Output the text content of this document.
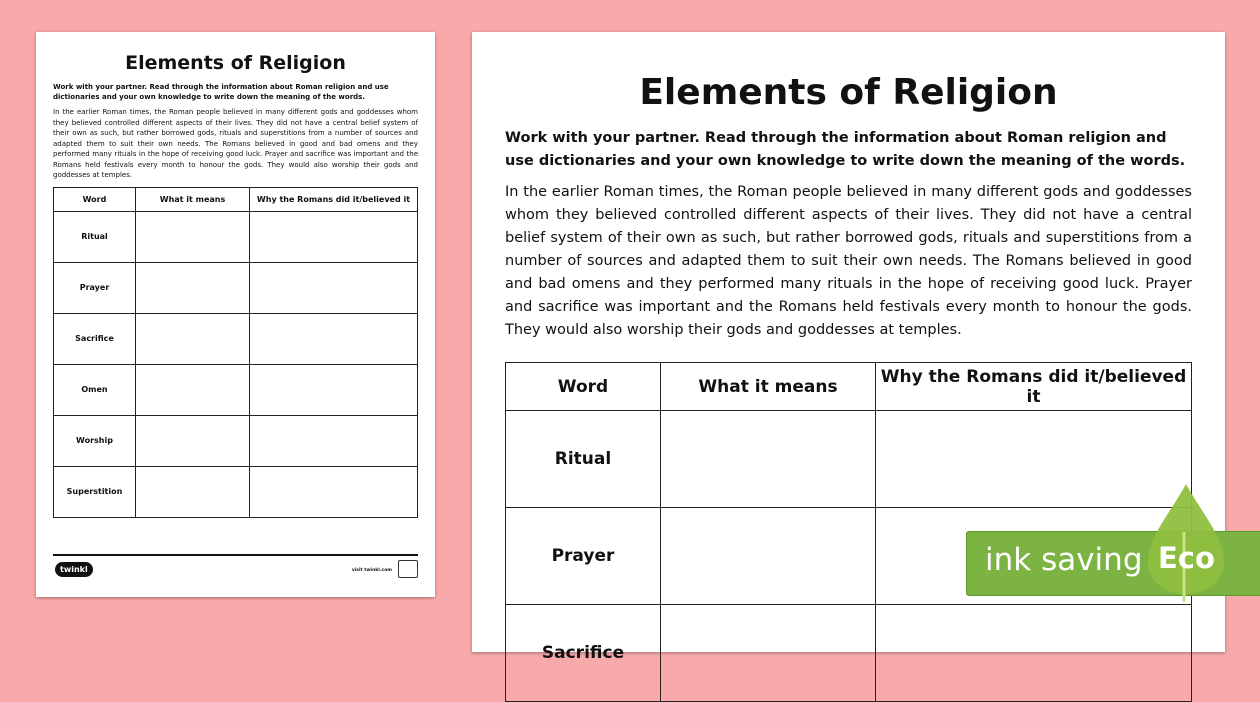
Elements of Religion

Work with your partner. Read through the information about Roman religion and use dictionaries and your own knowledge to write down the meaning of the words.

In the earlier Roman times, the Roman people believed in many different gods and goddesses whom they believed controlled different aspects of their lives. They did not have a central belief system of their own as such, but rather borrowed gods, rituals and superstitions from a number of sources and adapted them to suit their own needs. The Romans believed in good and bad omens and they performed many rituals in the hope of receiving good luck. Prayer and sacrifice was important and the Romans held festivals every month to honour the gods. They would also worship their gods and goddesses at temples.

Word	What it means	Why the Romans did it/believed it
Ritual		
Prayer		
Sacrifice		
Omen		
Worship		
Superstition		
twinkl	visit twinkl.com
Elements of Religion

Work with your partner. Read through the information about Roman religion and use dictionaries and your own knowledge to write down the meaning of the words.

In the earlier Roman times, the Roman people believed in many different gods and goddesses whom they believed controlled different aspects of their lives. They did not have a central belief system of their own as such, but rather borrowed gods, rituals and superstitions from a number of sources and adapted them to suit their own needs. The Romans believed in good and bad omens and they performed many rituals in the hope of receiving good luck. Prayer and sacrifice was important and the Romans held festivals every month to honour the gods. They would also worship their gods and goddesses at temples.

Word	What it means	Why the Romans did it/believed it
Ritual		
Prayer		
Sacrifice		
ink saving Eco
